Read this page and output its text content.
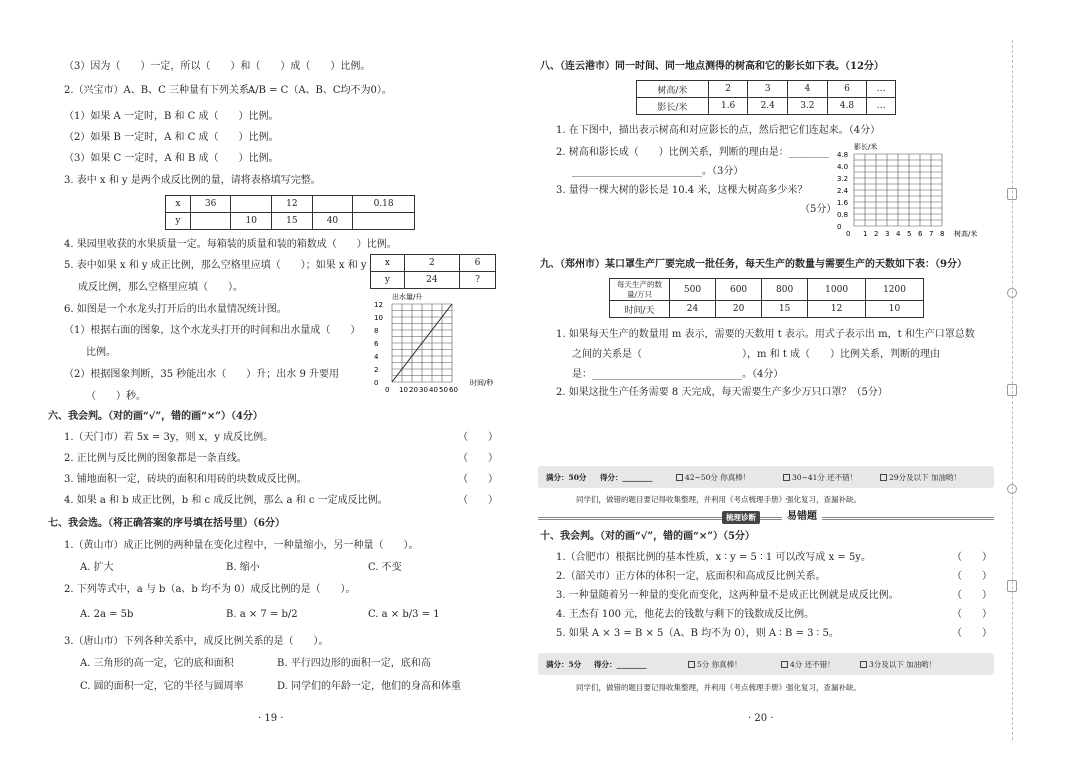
（3）因为（　　）一定，所以（　　）和（　　）成（　　）比例。
2.（兴宝市）A、B、C 三种量有下列关系：
A/B = C（A、B、C均不为0）。
（1）如果 A 一定时，B 和 C 成（　　）比例。
（2）如果 B 一定时，A 和 C 成（　　）比例。
（3）如果 C 一定时，A 和 B 成（　　）比例。
3. 表中 x 和 y 是两个成反比例的量，请将表格填写完整。
x	36		12		0.18
y		10	15	40	
4. 果园里收获的水果质量一定。每箱装的质量和装的箱数成（　　）比例。
5. 表中如果 x 和 y 成正比例，那么空格里应填（　　）；如果 x 和 y x	2	6
y	24	?
成反比例，那么空格里应填（　　）。
6. 如图是一个水龙头打开后的出水量情况统计图。
（1）根据右面的图象，这个水龙头打开的时间和出水量成（　　）
比例。
（2）根据图象判断，35 秒能出水（　　）升；出水 9 升要用
（　　）秒。
出水量/升
时间/秒
0
2
4
6
8
10
12
0 10 20 30 40 50 60
六、我会判。（对的画“√”，错的画“×”）（4分）
1.（天门市）若 5x = 3y，则 x，y 成反比例。
2. 正比例与反比例的图象都是一条直线。
3. 铺地面积一定，砖块的面积和用砖的块数成反比例。
4. 如果 a 和 b 成正比例，b 和 c 成反比例，那么 a 和 c 一定成反比例。
（　　）
（　　）
（　　）
（　　）
七、我会选。（将正确答案的序号填在括号里）（6分）
1.（黄山市）成正比例的两种量在变化过程中，一种量缩小，另一种量（　　）。
A. 扩大	B. 缩小	C. 不变
2. 下列等式中，a 与 b（a、b 均不为 0）成反比例的是（　　）。
A. 2a = 5b	B. a × 7 = b/2	C. a × b/3 = 1
3.（唐山市）下列各种关系中，成反比例关系的是（　　）。
A. 三角形的高一定，它的底和面积	B. 平行四边形的面积一定，底和高
C. 圆的面积一定，它的半径与圆周率	D. 同学们的年龄一定，他们的身高和体重
· 19 ·
八、（连云港市）同一时间、同一地点测得的树高和它的影长如下表。（12分）
树高/米	2	3	4	6	…
影长/米	1.6	2.4	3.2	4.8	…
1. 在下图中，描出表示树高和对应影长的点，然后把它们连起来。（4分）
2. 树高和影长成（　　）比例关系，判断的理由是：________
__________________________。（3分）
3. 量得一棵大树的影长是 10.4 米，这棵大树高多少米？
（5分）
影长/米
树高/米
0
0.8
1.6
2.4
3.2
4.0
4.8
0 1 2 3 4 5 6 7 8
九、（郑州市）某口罩生产厂要完成一批任务，每天生产的数量与需要生产的天数如下表：（9分）
每天生产的数量/万只	500	600	800	1000	1200
时间/天	24	20	15	12	10
1. 如果每天生产的数量用 m 表示，需要的天数用 t 表示。用式子表示出 m，t 和生产口罩总数
之间的关系是（　　　　　　　　　　），m 和 t 成（　　）比例关系，判断的理由
是：______________________________。（4分）
2. 如果这批生产任务需要 8 天完成，每天需要生产多少万只口罩？（5分）
满分：50分 得分：________	42~50分 你真棒！	30~41分 还不错！	29分及以下 加油哟！
同学们，做错的题目要记得收集整理，并利用《考点梳理手册》强化复习，查漏补缺。
梳理诊断	易错题
十、我会判。（对的画“√”，错的画“×”）（5分）
1.（合肥市）根据比例的基本性质，x ∶ y = 5 ∶ 1 可以改写成 x = 5y。
2.（韶关市）正方体的体积一定，底面积和高成反比例关系。
3. 一种量随着另一种量的变化而变化，这两种量不是成正比例就是成反比例。
4. 王杰有 100 元，他花去的钱数与剩下的钱数成反比例。
5. 如果 A × 3 = B × 5（A、B 均不为 0），则 A ∶ B = 3 ∶ 5。
（　　）
（　　）
（　　）
（　　）
（　　）
满分：5分 得分：________	5分 你真棒！	4分 还不错！	3分及以下 加油哟！
同学们，做错的题目要记得收集整理，并利用《考点梳理手册》强化复习，查漏补缺。
· 20 ·
